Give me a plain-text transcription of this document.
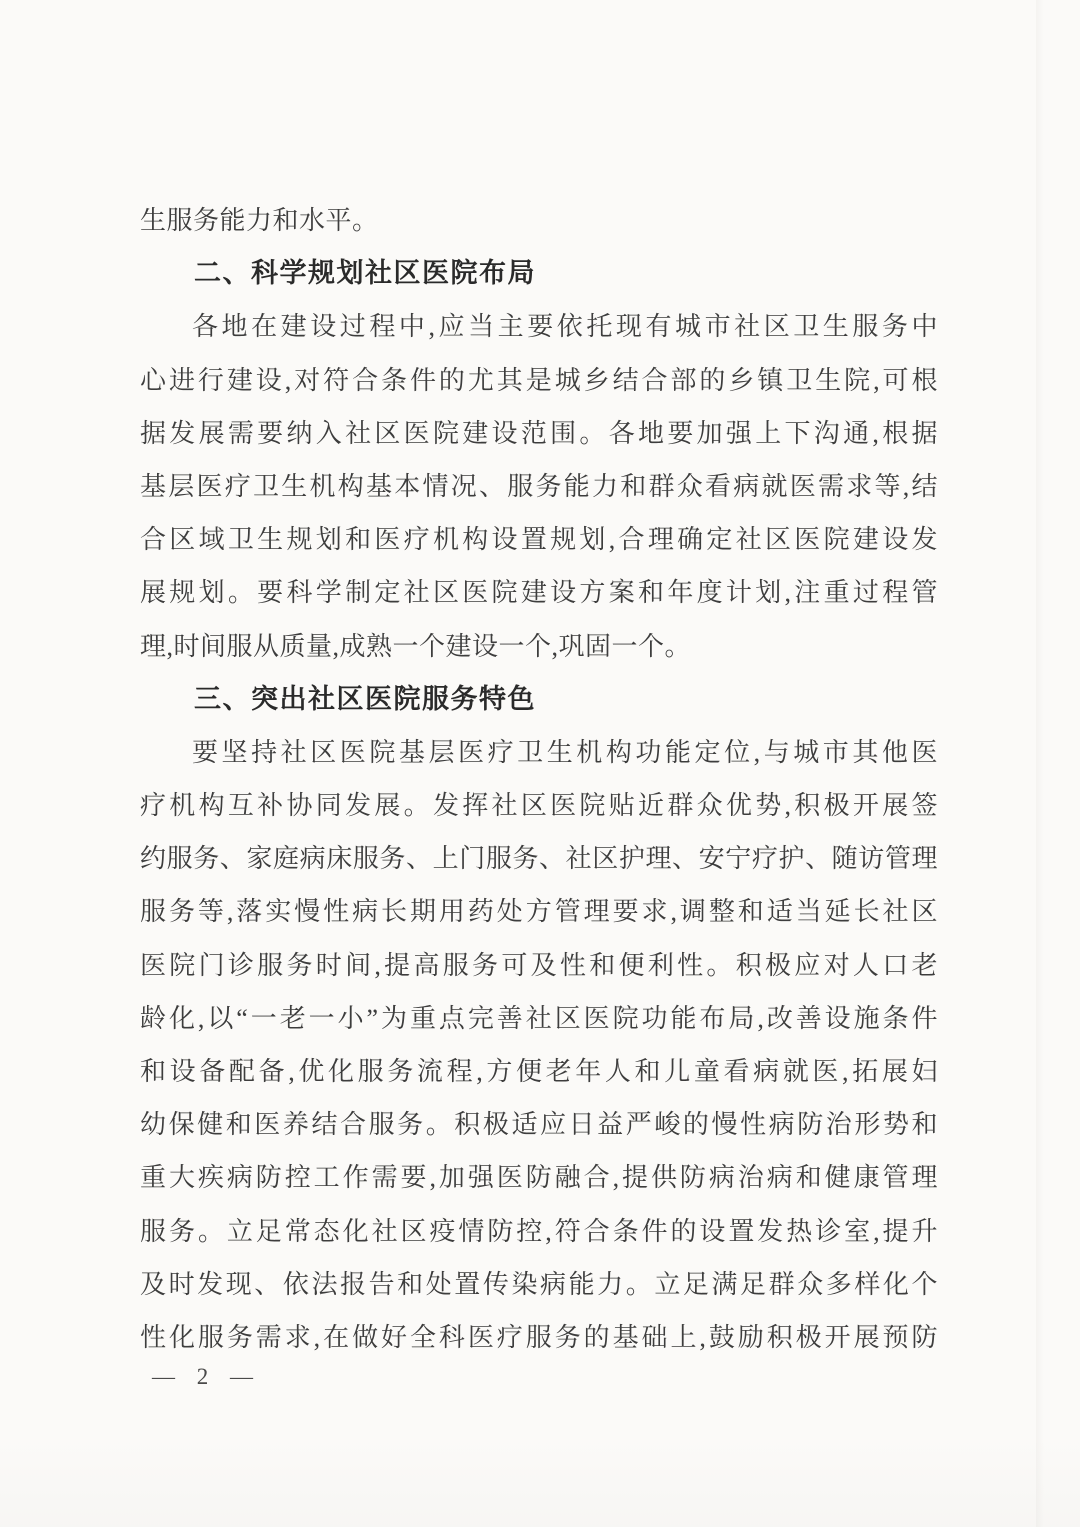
生服务能力和水平。
二、科学规划社区医院布局
各地在建设过程中,应当主要依托现有城市社区卫生服务中
心进行建设,对符合条件的尤其是城乡结合部的乡镇卫生院,可根
据发展需要纳入社区医院建设范围。各地要加强上下沟通,根据
基层医疗卫生机构基本情况、服务能力和群众看病就医需求等,结
合区域卫生规划和医疗机构设置规划,合理确定社区医院建设发
展规划。要科学制定社区医院建设方案和年度计划,注重过程管
理,时间服从质量,成熟一个建设一个,巩固一个。
三、突出社区医院服务特色
要坚持社区医院基层医疗卫生机构功能定位,与城市其他医
疗机构互补协同发展。发挥社区医院贴近群众优势,积极开展签
约服务、家庭病床服务、上门服务、社区护理、安宁疗护、随访管理
服务等,落实慢性病长期用药处方管理要求,调整和适当延长社区
医院门诊服务时间,提高服务可及性和便利性。积极应对人口老
龄化,以“一老一小”为重点完善社区医院功能布局,改善设施条件
和设备配备,优化服务流程,方便老年人和儿童看病就医,拓展妇
幼保健和医养结合服务。积极适应日益严峻的慢性病防治形势和
重大疾病防控工作需要,加强医防融合,提供防病治病和健康管理
服务。立足常态化社区疫情防控,符合条件的设置发热诊室,提升
及时发现、依法报告和处置传染病能力。立足满足群众多样化个
性化服务需求,在做好全科医疗服务的基础上,鼓励积极开展预防
— 2 —
